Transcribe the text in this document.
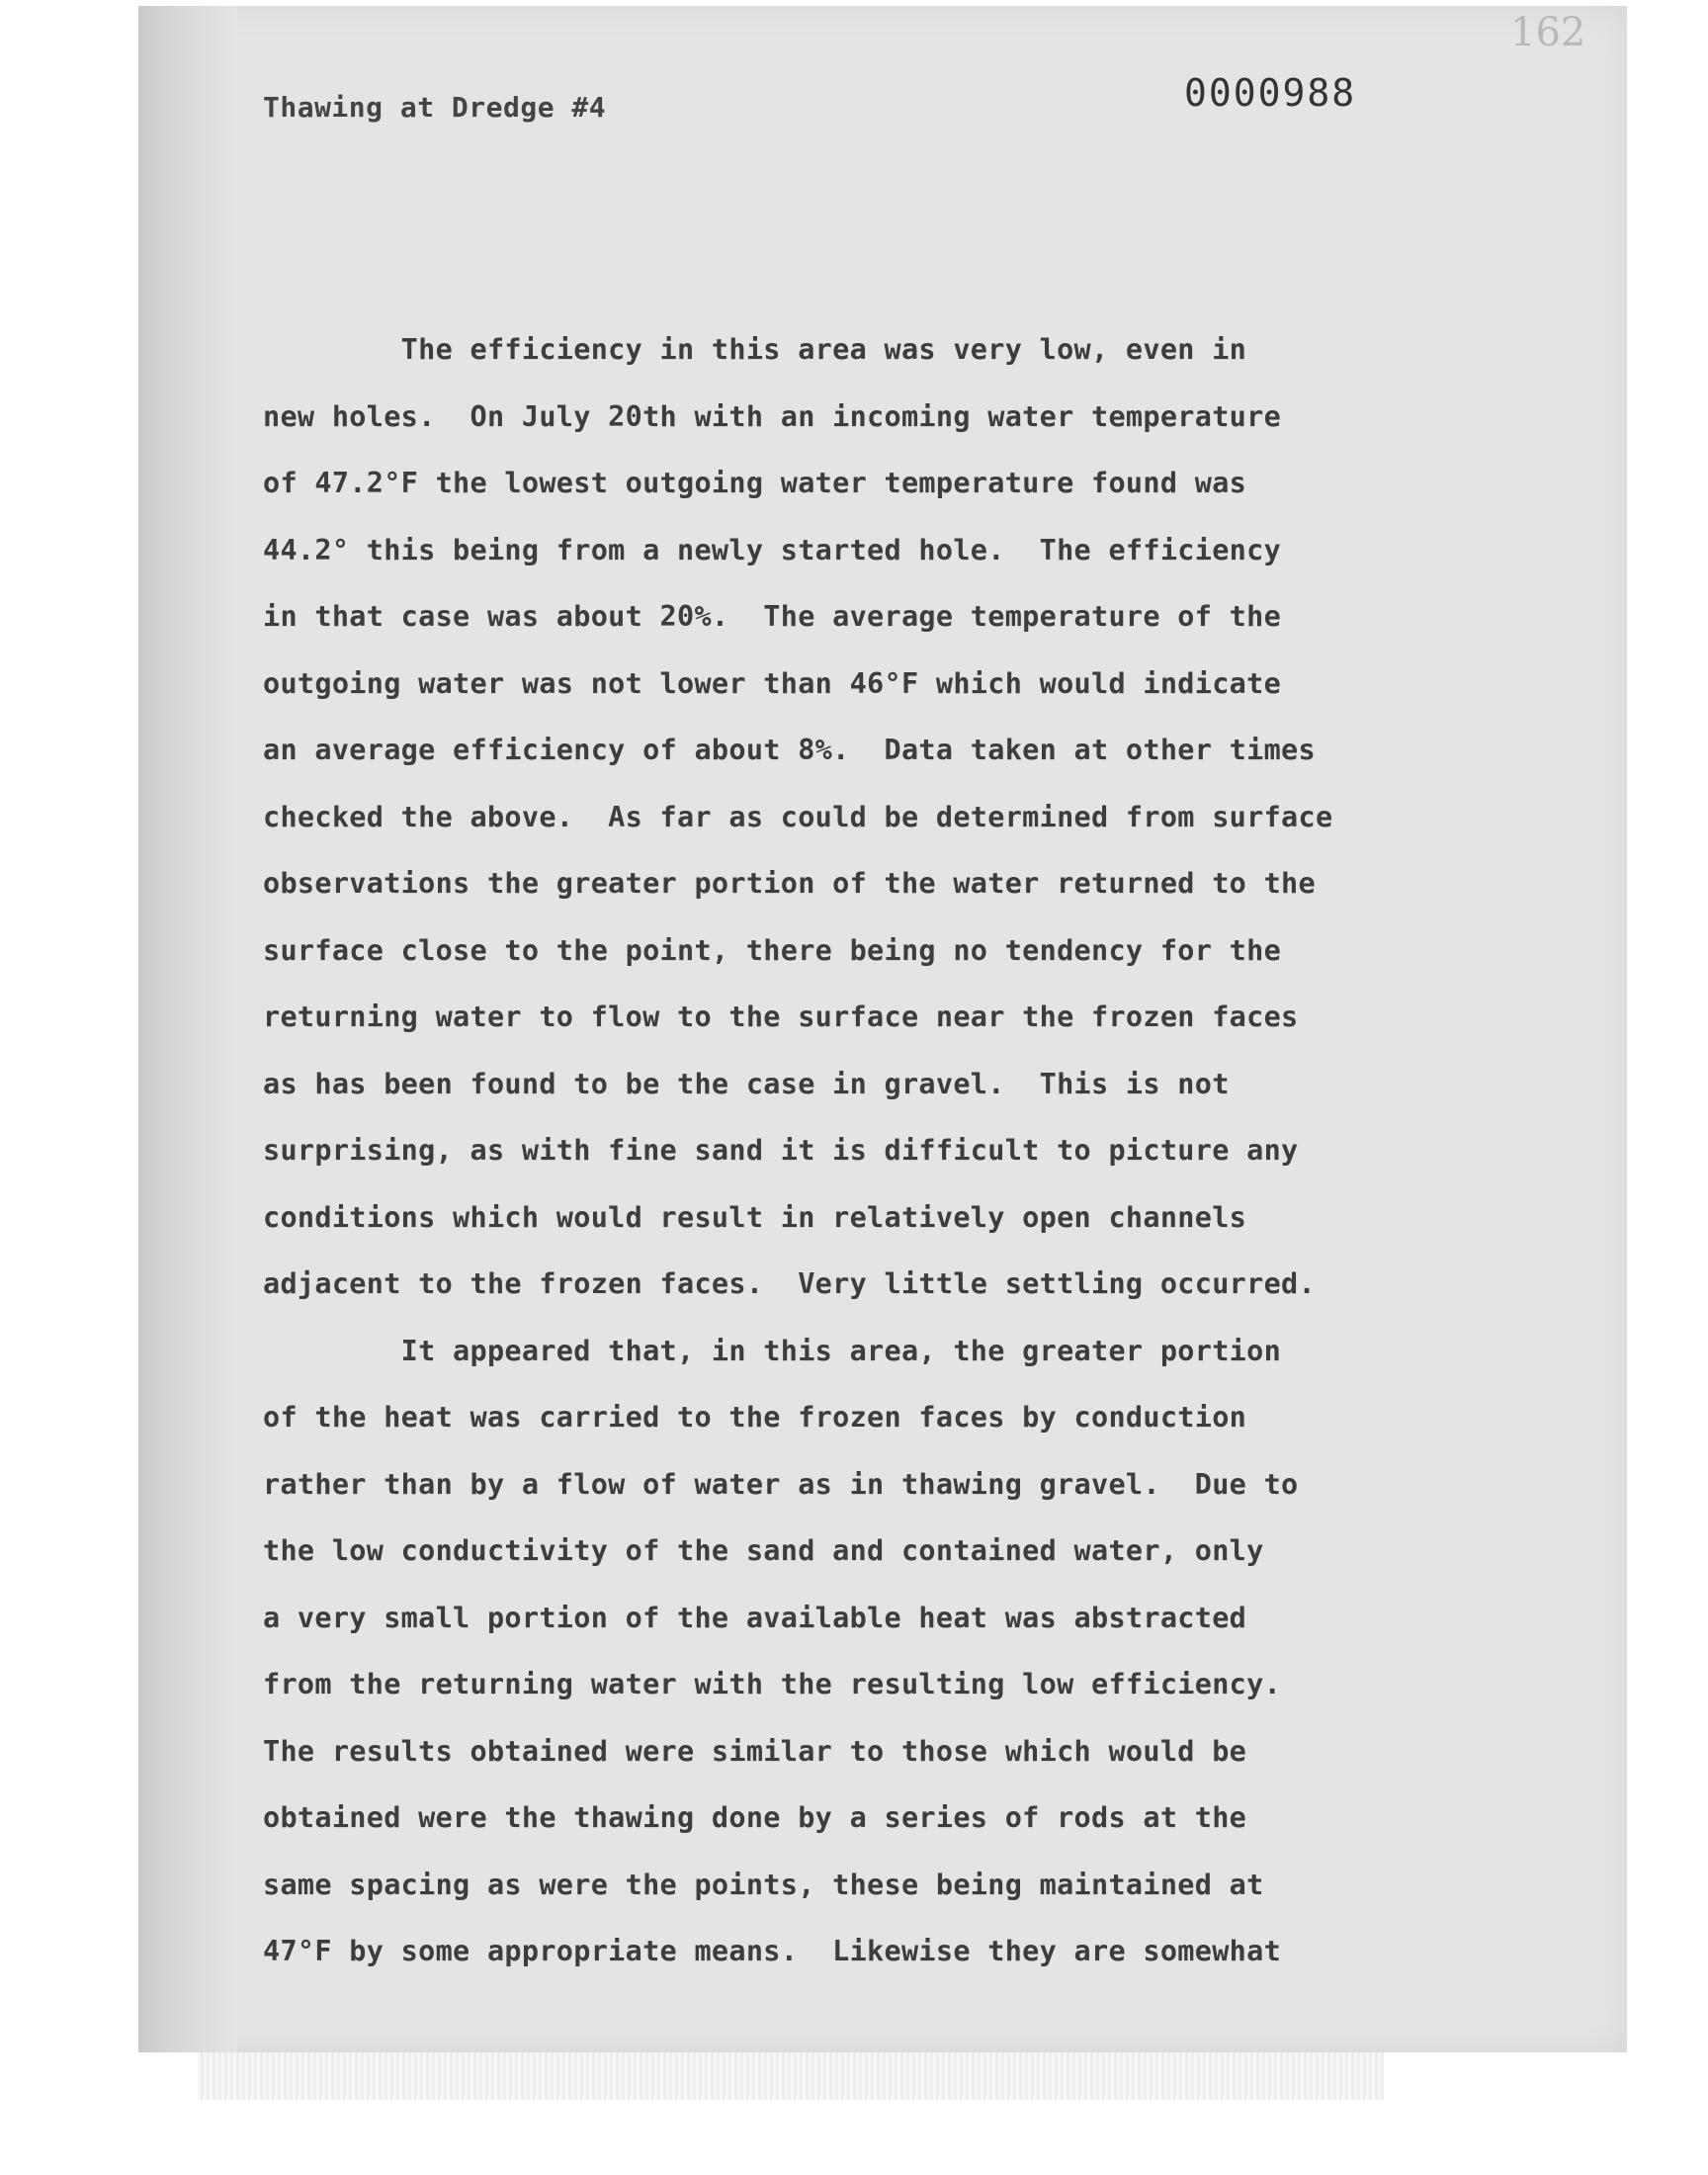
162
Thawing at Dredge #4	0000988
The efficiency in this area was very low, even in
new holes.  On July 20th with an incoming water temperature
of 47.2°F the lowest outgoing water temperature found was
44.2° this being from a newly started hole.  The efficiency
in that case was about 20%.  The average temperature of the
outgoing water was not lower than 46°F which would indicate
an average efficiency of about 8%.  Data taken at other times
checked the above.  As far as could be determined from surface
observations the greater portion of the water returned to the
surface close to the point, there being no tendency for the
returning water to flow to the surface near the frozen faces
as has been found to be the case in gravel.  This is not
surprising, as with fine sand it is difficult to picture any
conditions which would result in relatively open channels
adjacent to the frozen faces.  Very little settling occurred.
It appeared that, in this area, the greater portion
of the heat was carried to the frozen faces by conduction
rather than by a flow of water as in thawing gravel.  Due to
the low conductivity of the sand and contained water, only
a very small portion of the available heat was abstracted
from the returning water with the resulting low efficiency.
The results obtained were similar to those which would be
obtained were the thawing done by a series of rods at the
same spacing as were the points, these being maintained at
47°F by some appropriate means.  Likewise they are somewhat
